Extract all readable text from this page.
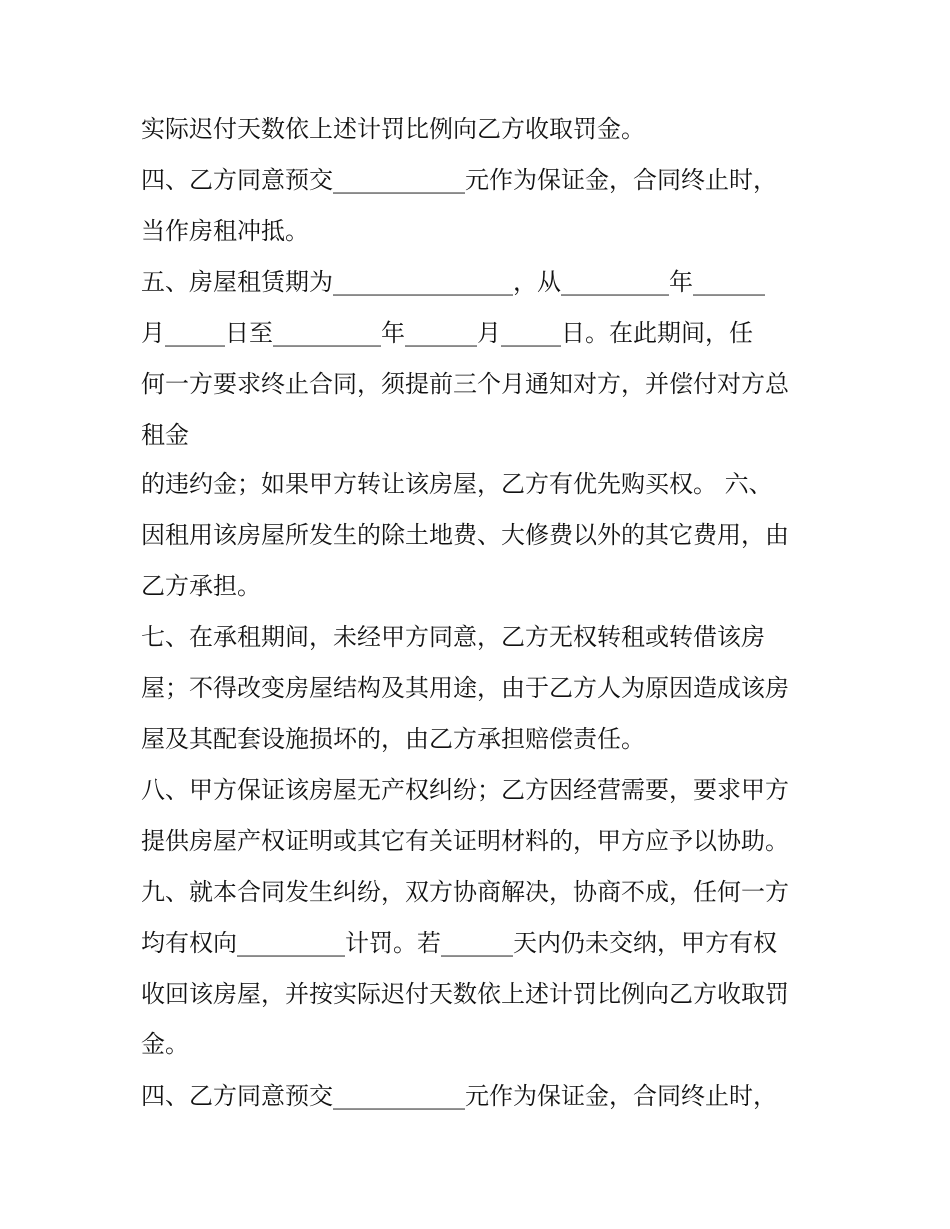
实际迟付天数依上述计罚比例向乙方收取罚金。
四、乙方同意预交___________元作为保证金，合同终止时，
当作房租冲抵。
五、房屋租赁期为_______________，从_________年______
月_____日至_________年______月_____日。在此期间，任
何一方要求终止合同，须提前三个月通知对方，并偿付对方总
租金
的违约金；如果甲方转让该房屋，乙方有优先购买权。 六、
因租用该房屋所发生的除土地费、大修费以外的其它费用，由
乙方承担。
七、在承租期间，未经甲方同意，乙方无权转租或转借该房
屋；不得改变房屋结构及其用途，由于乙方人为原因造成该房
屋及其配套设施损坏的，由乙方承担赔偿责任。
八、甲方保证该房屋无产权纠纷；乙方因经营需要，要求甲方
提供房屋产权证明或其它有关证明材料的，甲方应予以协助。
九、就本合同发生纠纷，双方协商解决，协商不成，任何一方
均有权向_________计罚。若______天内仍未交纳，甲方有权
收回该房屋，并按实际迟付天数依上述计罚比例向乙方收取罚
金。
四、乙方同意预交___________元作为保证金，合同终止时，
